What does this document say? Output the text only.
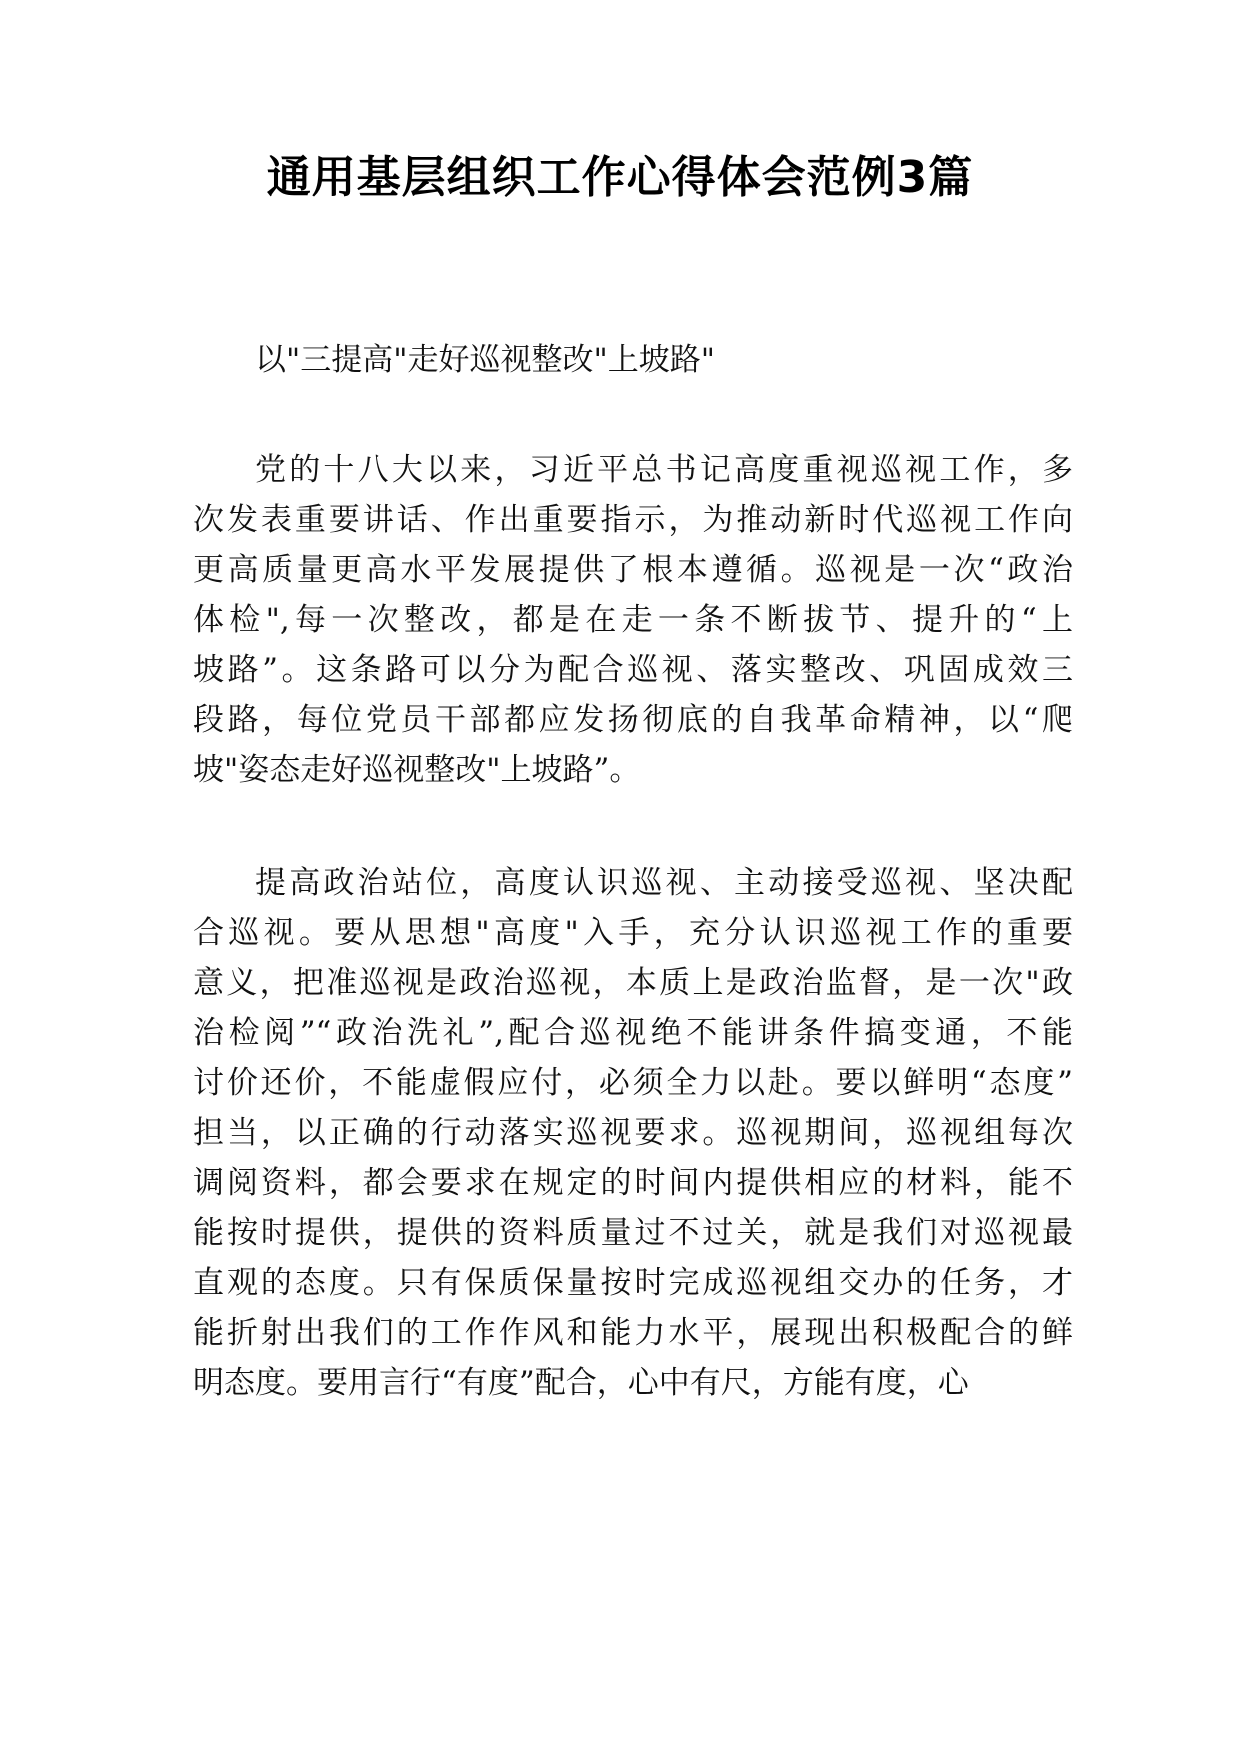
通用基层组织工作心得体会范例3篇

以"三提高"走好巡视整改"上坡路"

党的十八大以来，习近平总书记高度重视巡视工作，多
次发表重要讲话、作出重要指示，为推动新时代巡视工作向
更高质量更高水平发展提供了根本遵循。巡视是一次“政治
体检",每一次整改，都是在走一条不断拔节、提升的“上
坡路”。这条路可以分为配合巡视、落实整改、巩固成效三
段路，每位党员干部都应发扬彻底的自我革命精神，以“爬
坡"姿态走好巡视整改"上坡路”。
提高政治站位，高度认识巡视、主动接受巡视、坚决配
合巡视。要从思想"高度"入手，充分认识巡视工作的重要
意义，把准巡视是政治巡视，本质上是政治监督，是一次"政
治检阅”“政治洗礼”,配合巡视绝不能讲条件搞变通，不能
讨价还价，不能虚假应付，必须全力以赴。要以鲜明“态度”
担当，以正确的行动落实巡视要求。巡视期间，巡视组每次
调阅资料，都会要求在规定的时间内提供相应的材料，能不
能按时提供，提供的资料质量过不过关，就是我们对巡视最
直观的态度。只有保质保量按时完成巡视组交办的任务，才
能折射出我们的工作作风和能力水平，展现出积极配合的鲜
明态度。要用言行“有度”配合，心中有尺，方能有度，心
